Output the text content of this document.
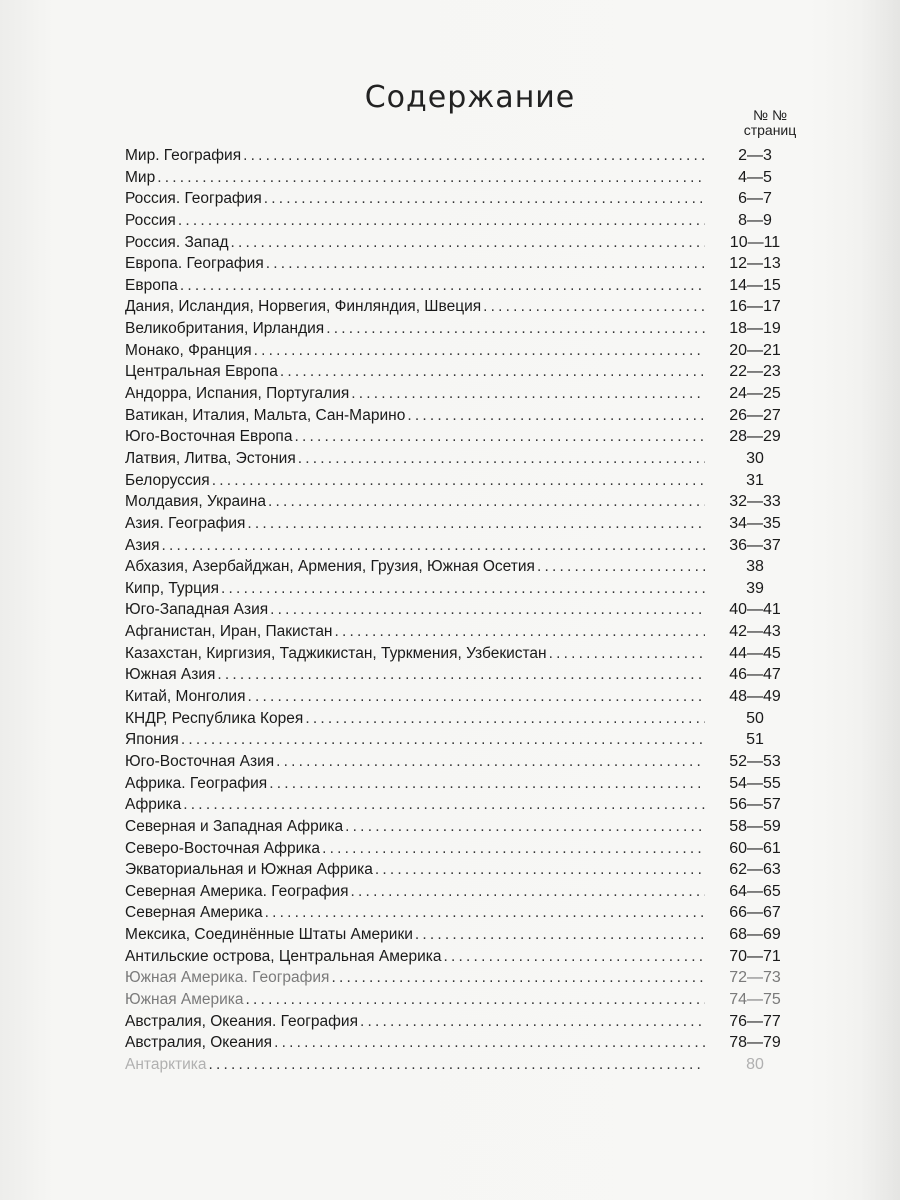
Содержание	№ №
страниц
Мир. География .....	2—3
Мир .....	4—5
Россия. География .....	6—7
Россия .....	8—9
Россия. Запад .....	10—11
Европа. География .....	12—13
Европа .....	14—15
Дания, Исландия, Норвегия, Финляндия, Швеция .....	16—17
Великобритания, Ирландия .....	18—19
Монако, Франция .....	20—21
Центральная Европа .....	22—23
Андорра, Испания, Португалия .....	24—25
Ватикан, Италия, Мальта, Сан-Марино .....	26—27
Юго-Восточная Европа .....	28—29
Латвия, Литва, Эстония .....	30
Белоруссия .....	31
Молдавия, Украина .....	32—33
Азия. География .....	34—35
Азия .....	36—37
Абхазия, Азербайджан, Армения, Грузия, Южная Осетия .....	38
Кипр, Турция .....	39
Юго-Западная Азия .....	40—41
Афганистан, Иран, Пакистан .....	42—43
Казахстан, Киргизия, Таджикистан, Туркмения, Узбекистан .....	44—45
Южная Азия .....	46—47
Китай, Монголия .....	48—49
КНДР, Республика Корея .....	50
Япония .....	51
Юго-Восточная Азия .....	52—53
Африка. География .....	54—55
Африка .....	56—57
Северная и Западная Африка .....	58—59
Северо-Восточная Африка .....	60—61
Экваториальная и Южная Африка .....	62—63
Северная Америка. География .....	64—65
Северная Америка .....	66—67
Мексика, Соединённые Штаты Америки .....	68—69
Антильские острова, Центральная Америка .....	70—71
Южная Америка. География .....	72—73
Южная Америка .....	74—75
Австралия, Океания. География .....	76—77
Австралия, Океания .....	78—79
Антарктика .....	80
